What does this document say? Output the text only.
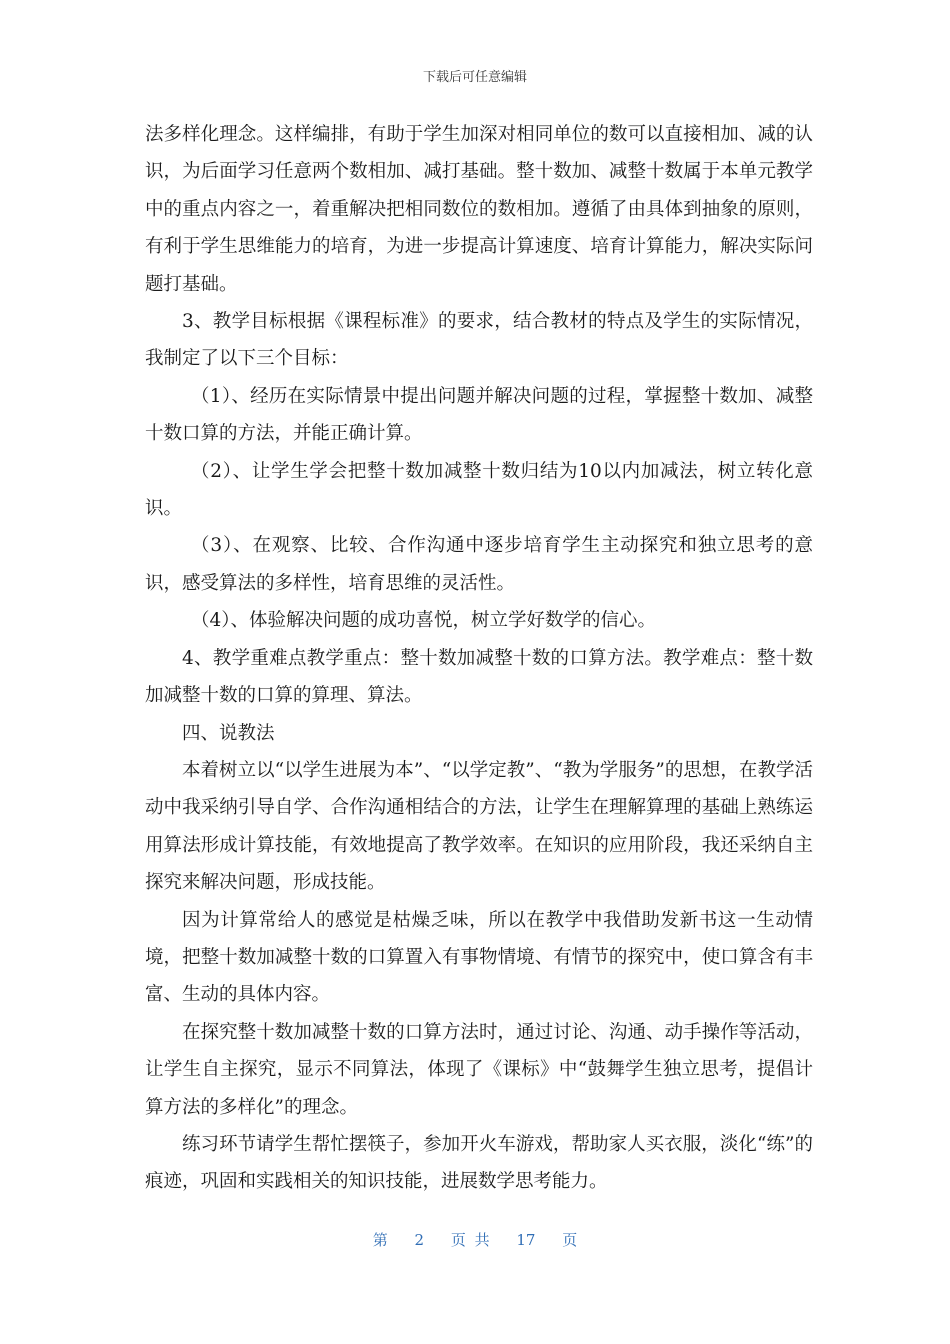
下载后可任意编辑

法多样化理念。这样编排，有助于学生加深对相同单位的数可以直接相加、减的认识，为后面学习任意两个数相加、减打基础。整十数加、减整十数属于本单元教学中的重点内容之一，着重解决把相同数位的数相加。遵循了由具体到抽象的原则，有利于学生思维能力的培育，为进一步提高计算速度、培育计算能力，解决实际问题打基础。

3、教学目标根据《课程标准》的要求，结合教材的特点及学生的实际情况，我制定了以下三个目标：

（1）、经历在实际情景中提出问题并解决问题的过程，掌握整十数加、减整十数口算的方法，并能正确计算。

（2）、让学生学会把整十数加减整十数归结为10以内加减法，树立转化意识。

（3）、在观察、比较、合作沟通中逐步培育学生主动探究和独立思考的意识，感受算法的多样性，培育思维的灵活性。

（4）、体验解决问题的成功喜悦，树立学好数学的信心。

4、教学重难点教学重点：整十数加减整十数的口算方法。教学难点：整十数加减整十数的口算的算理、算法。

四、说教法

本着树立以“以学生进展为本”、“以学定教”、“教为学服务”的思想，在教学活动中我采纳引导自学、合作沟通相结合的方法，让学生在理解算理的基础上熟练运用算法形成计算技能，有效地提高了教学效率。在知识的应用阶段，我还采纳自主探究来解决问题，形成技能。

因为计算常给人的感觉是枯燥乏味，所以在教学中我借助发新书这一生动情境，把整十数加减整十数的口算置入有事物情境、有情节的探究中，使口算含有丰富、生动的具体内容。

在探究整十数加减整十数的口算方法时，通过讨论、沟通、动手操作等活动，让学生自主探究，显示不同算法，体现了《课标》中“鼓舞学生独立思考，提倡计算方法的多样化”的理念。

练习环节请学生帮忙摆筷子，参加开火车游戏，帮助家人买衣服，淡化“练”的痕迹，巩固和实践相关的知识技能，进展数学思考能力。

第 2 页 共 17 页
